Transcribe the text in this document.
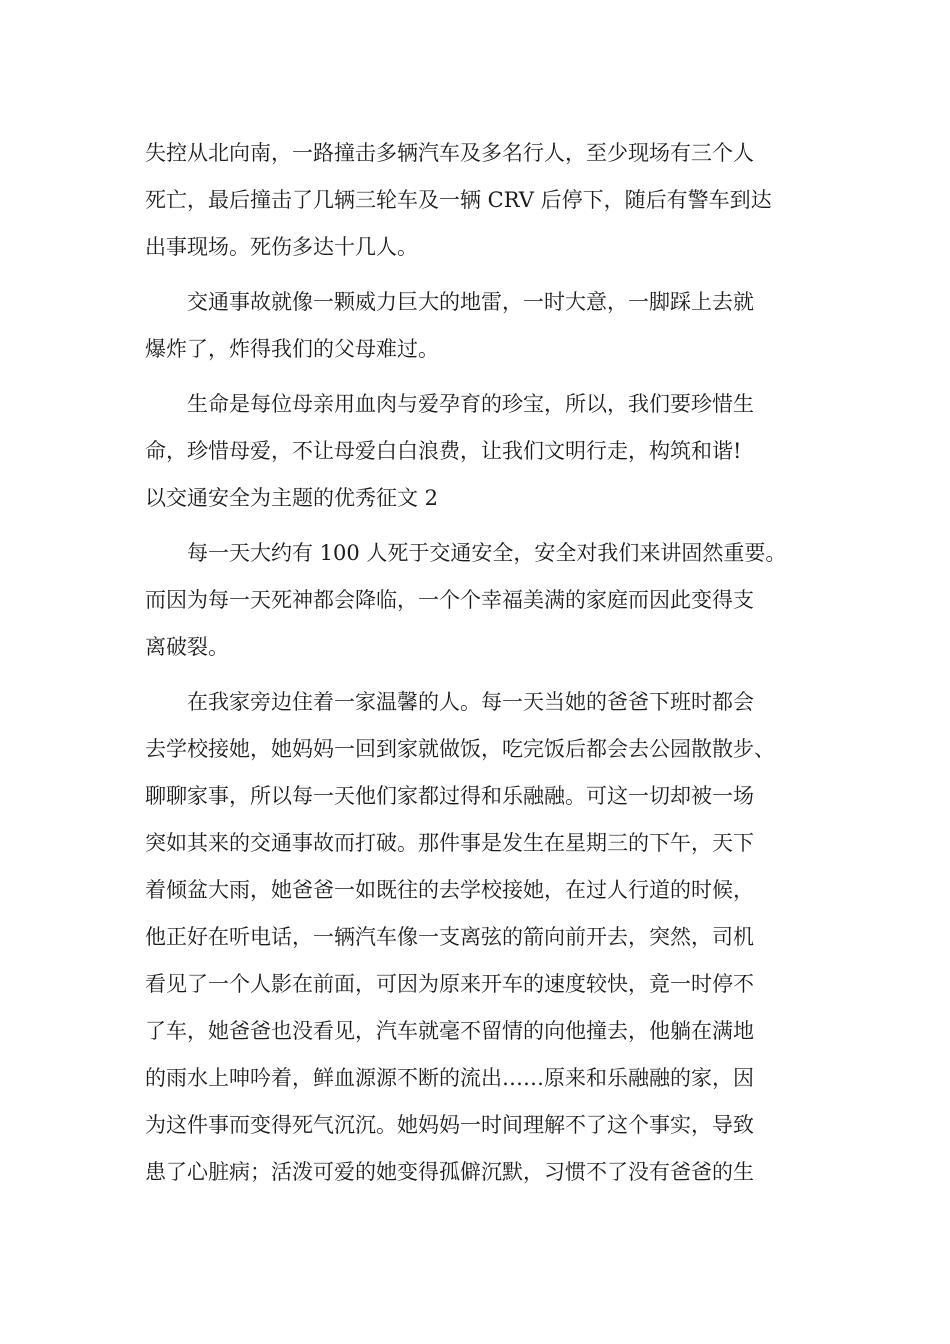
失控从北向南，一路撞击多辆汽车及多名行人，至少现场有三个人
死亡，最后撞击了几辆三轮车及一辆 CRV 后停下，随后有警车到达
出事现场。死伤多达十几人。

交通事故就像一颗威力巨大的地雷，一时大意，一脚踩上去就
爆炸了，炸得我们的父母难过。

生命是每位母亲用血肉与爱孕育的珍宝，所以，我们要珍惜生
命，珍惜母爱，不让母爱白白浪费，让我们文明行走，构筑和谐!

以交通安全为主题的优秀征文 2

每一天大约有 100 人死于交通安全，安全对我们来讲固然重要。
而因为每一天死神都会降临，一个个幸福美满的家庭而因此变得支
离破裂。

在我家旁边住着一家温馨的人。每一天当她的爸爸下班时都会
去学校接她，她妈妈一回到家就做饭，吃完饭后都会去公园散散步、
聊聊家事，所以每一天他们家都过得和乐融融。可这一切却被一场
突如其来的交通事故而打破。那件事是发生在星期三的下午，天下
着倾盆大雨，她爸爸一如既往的去学校接她，在过人行道的时候，
他正好在听电话，一辆汽车像一支离弦的箭向前开去，突然，司机
看见了一个人影在前面，可因为原来开车的速度较快，竟一时停不
了车，她爸爸也没看见，汽车就毫不留情的向他撞去，他躺在满地
的雨水上呻吟着，鲜血源源不断的流出……原来和乐融融的家，因
为这件事而变得死气沉沉。她妈妈一时间理解不了这个事实，导致
患了心脏病；活泼可爱的她变得孤僻沉默，习惯不了没有爸爸的生
